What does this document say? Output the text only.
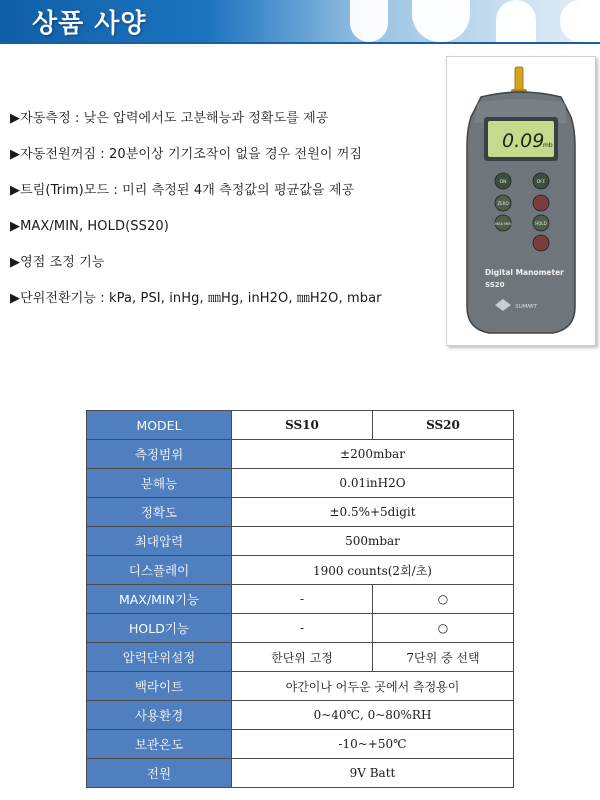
상품 사양
▶자동측정 : 낮은 압력에서도 고분해능과 정확도를 제공
▶자동전원꺼짐 : 20분이상 기기조작이 없을 경우 전원이 꺼짐
▶트림(Trim)모드 : 미리 측정된 4개 측정값의 평균값을 제공
▶MAX/MIN, HOLD(SS20)
▶영점 조정 기능
▶단위전환기능 : kPa, PSI, inHg, ㎜Hg, inH2O, ㎜H2O, mbar
0.09
mb
ON	OFF
ZERO
MAX MIN	HOLD
Digital Manometer
SS20
SUMMIT
MODEL	SS10	SS20
측정범위	±200mbar	
분해능	0.01inH2O	
정확도	±0.5%+5digit	
최대압력	500mbar	
디스플레이	1900 counts(2회/초)	
MAX/MIN기능	-	○
HOLD기능	-	○
압력단위설정	한단위 고정	7단위 중 선택
백라이트	야간이나 어두운 곳에서 측정용이	
사용환경	0~40℃, 0~80%RH	
보관온도	-10~+50℃	
전원	9V Batt	
